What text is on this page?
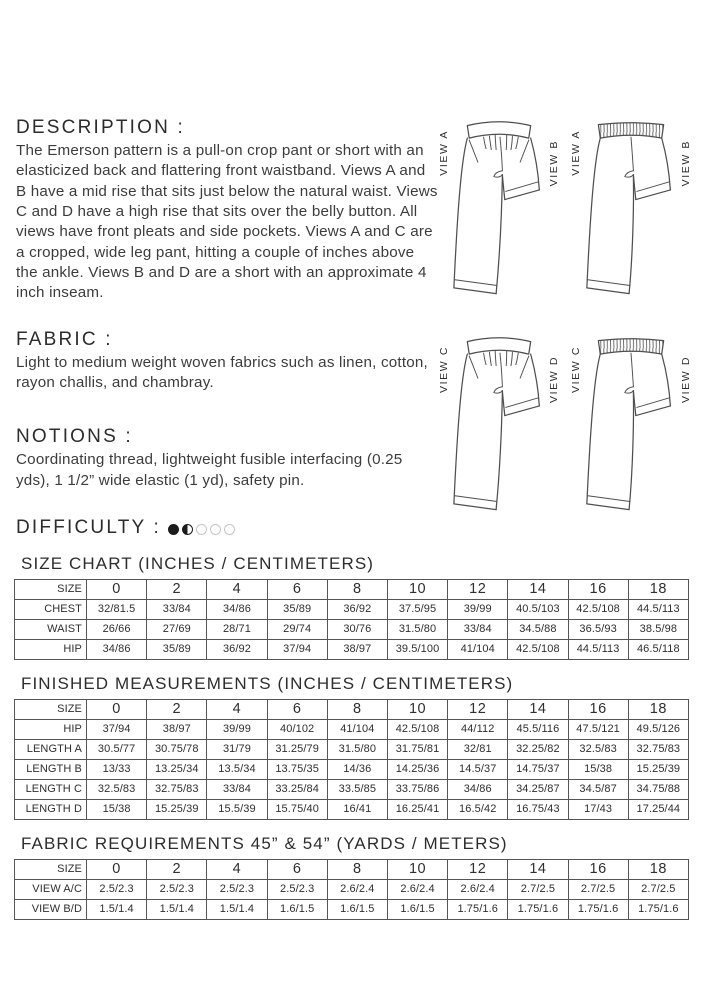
DESCRIPTION :

The Emerson pattern is a pull-on crop pant or short with an elasticized back and flattering front waistband. Views A and B have a mid rise that sits just below the natural waist. Views C and D have a high rise that sits over the belly button. All views have front pleats and side pockets. Views A and C are a cropped, wide leg pant, hitting a couple of inches above the ankle. Views B and D are a short with an approximate 4 inch inseam.

FABRIC :

Light to medium weight woven fabrics such as linen, cotton, rayon challis, and chambray.

NOTIONS :

Coordinating thread, lightweight fusible interfacing (0.25 yds), 1 1/2” wide elastic (1 yd), safety pin.

DIFFICULTY :
VIEW A	VIEW B VIEW A	VIEW B
VIEW C	VIEW D VIEW C	VIEW D
SIZE CHART (INCHES / CENTIMETERS)
SIZE	0	2	4	6	8	10	12	14	16	18
CHEST	32/81.5	33/84	34/86	35/89	36/92	37.5/95	39/99	40.5/103	42.5/108	44.5/113
WAIST	26/66	27/69	28/71	29/74	30/76	31.5/80	33/84	34.5/88	36.5/93	38.5/98
HIP	34/86	35/89	36/92	37/94	38/97	39.5/100	41/104	42.5/108	44.5/113	46.5/118
FINISHED MEASUREMENTS (INCHES / CENTIMETERS)
SIZE	0	2	4	6	8	10	12	14	16	18
HIP	37/94	38/97	39/99	40/102	41/104	42.5/108	44/112	45.5/116	47.5/121	49.5/126
LENGTH A	30.5/77	30.75/78	31/79	31.25/79	31.5/80	31.75/81	32/81	32.25/82	32.5/83	32.75/83
LENGTH B	13/33	13.25/34	13.5/34	13.75/35	14/36	14.25/36	14.5/37	14.75/37	15/38	15.25/39
LENGTH C	32.5/83	32.75/83	33/84	33.25/84	33.5/85	33.75/86	34/86	34.25/87	34.5/87	34.75/88
LENGTH D	15/38	15.25/39	15.5/39	15.75/40	16/41	16.25/41	16.5/42	16.75/43	17/43	17.25/44
FABRIC REQUIREMENTS 45” & 54” (YARDS / METERS)
SIZE	0	2	4	6	8	10	12	14	16	18
VIEW A/C	2.5/2.3	2.5/2.3	2.5/2.3	2.5/2.3	2.6/2.4	2.6/2.4	2.6/2.4	2.7/2.5	2.7/2.5	2.7/2.5
VIEW B/D	1.5/1.4	1.5/1.4	1.5/1.4	1.6/1.5	1.6/1.5	1.6/1.5	1.75/1.6	1.75/1.6	1.75/1.6	1.75/1.6
